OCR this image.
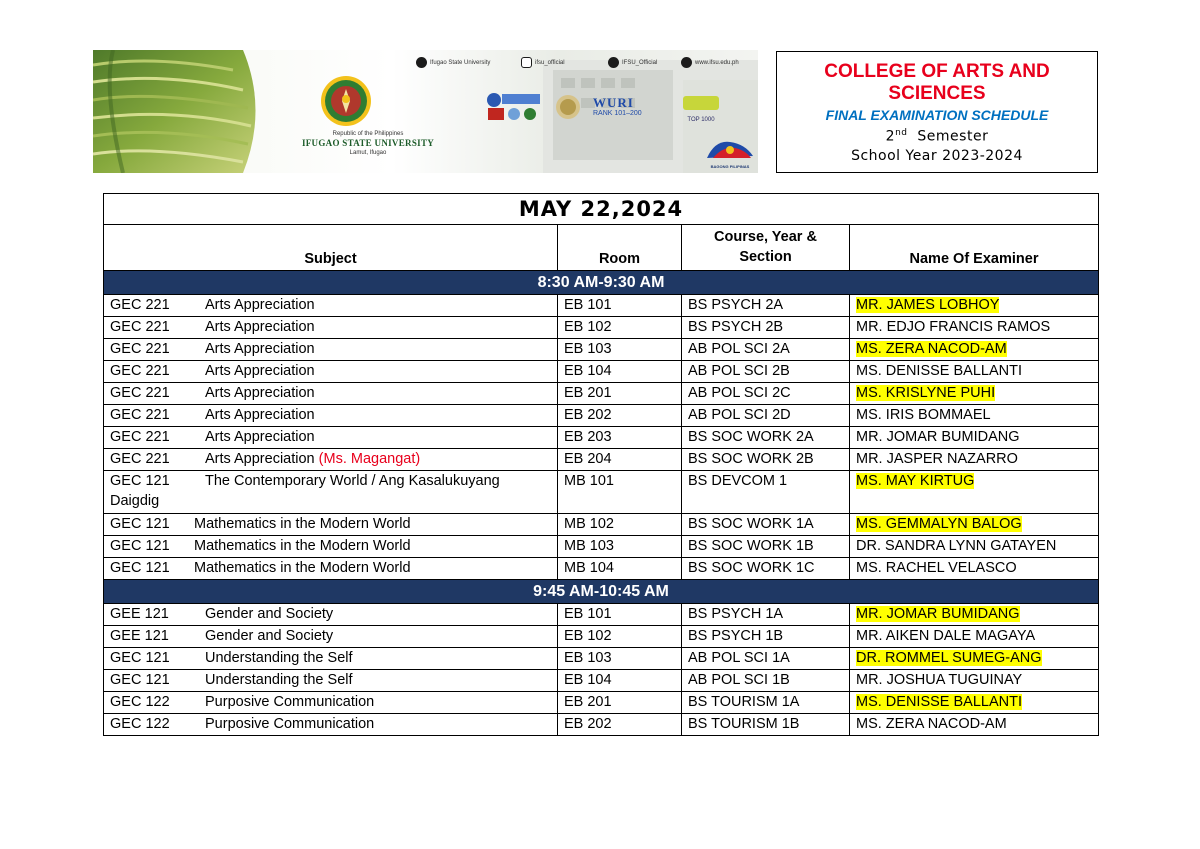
Republic of the Philippines
IFUGAO STATE UNIVERSITY
Lamut, Ifugao
Ifugao State University	ifsu_official	IFSU_Official	www.ifsu.edu.ph
WURI
RANK 101–200
TOP 1000
BAGONG PILIPINAS
COLLEGE OF ARTS AND SCIENCES
FINAL EXAMINATION SCHEDULE
2nd Semester
School Year 2023-2024
MAY 22,2024			
Subject	Room	Course, Year & Section	Name Of Examiner
8:30 AM-9:30 AM			
GEC 221 Arts Appreciation	EB 101	BS PSYCH 2A	MR. JAMES LOBHOY
GEC 221 Arts Appreciation	EB 102	BS PSYCH 2B	MR. EDJO FRANCIS RAMOS
GEC 221 Arts Appreciation	EB 103	AB POL SCI 2A	MS. ZERA NACOD-AM
GEC 221 Arts Appreciation	EB 104	AB POL SCI 2B	MS. DENISSE BALLANTI
GEC 221 Arts Appreciation	EB 201	AB POL SCI 2C	MS. KRISLYNE PUHI
GEC 221 Arts Appreciation	EB 202	AB POL SCI 2D	MS. IRIS BOMMAEL
GEC 221 Arts Appreciation	EB 203	BS SOC WORK 2A	MR. JOMAR BUMIDANG
GEC 221 Arts Appreciation (Ms. Magangat)	EB 204	BS SOC WORK 2B	MR. JASPER NAZARRO
GEC 121 The Contemporary World / Ang Kasalukuyang Daigdig	MB 101	BS DEVCOM 1	MS. MAY KIRTUG
GEC 121 Mathematics in the Modern World	MB 102	BS SOC WORK 1A	MS. GEMMALYN BALOG
GEC 121 Mathematics in the Modern World	MB 103	BS SOC WORK 1B	DR. SANDRA LYNN GATAYEN
GEC 121 Mathematics in the Modern World	MB 104	BS SOC WORK 1C	MS. RACHEL VELASCO
9:45 AM-10:45 AM			
GEE 121 Gender and Society	EB 101	BS PSYCH 1A	MR. JOMAR BUMIDANG
GEE 121 Gender and Society	EB 102	BS PSYCH 1B	MR. AIKEN DALE MAGAYA
GEC 121 Understanding the Self	EB 103	AB POL SCI 1A	DR. ROMMEL SUMEG-ANG
GEC 121 Understanding the Self	EB 104	AB POL SCI 1B	MR. JOSHUA TUGUINAY
GEC 122 Purposive Communication	EB 201	BS TOURISM 1A	MS. DENISSE BALLANTI
GEC 122 Purposive Communication	EB 202	BS TOURISM 1B	MS. ZERA NACOD-AM
